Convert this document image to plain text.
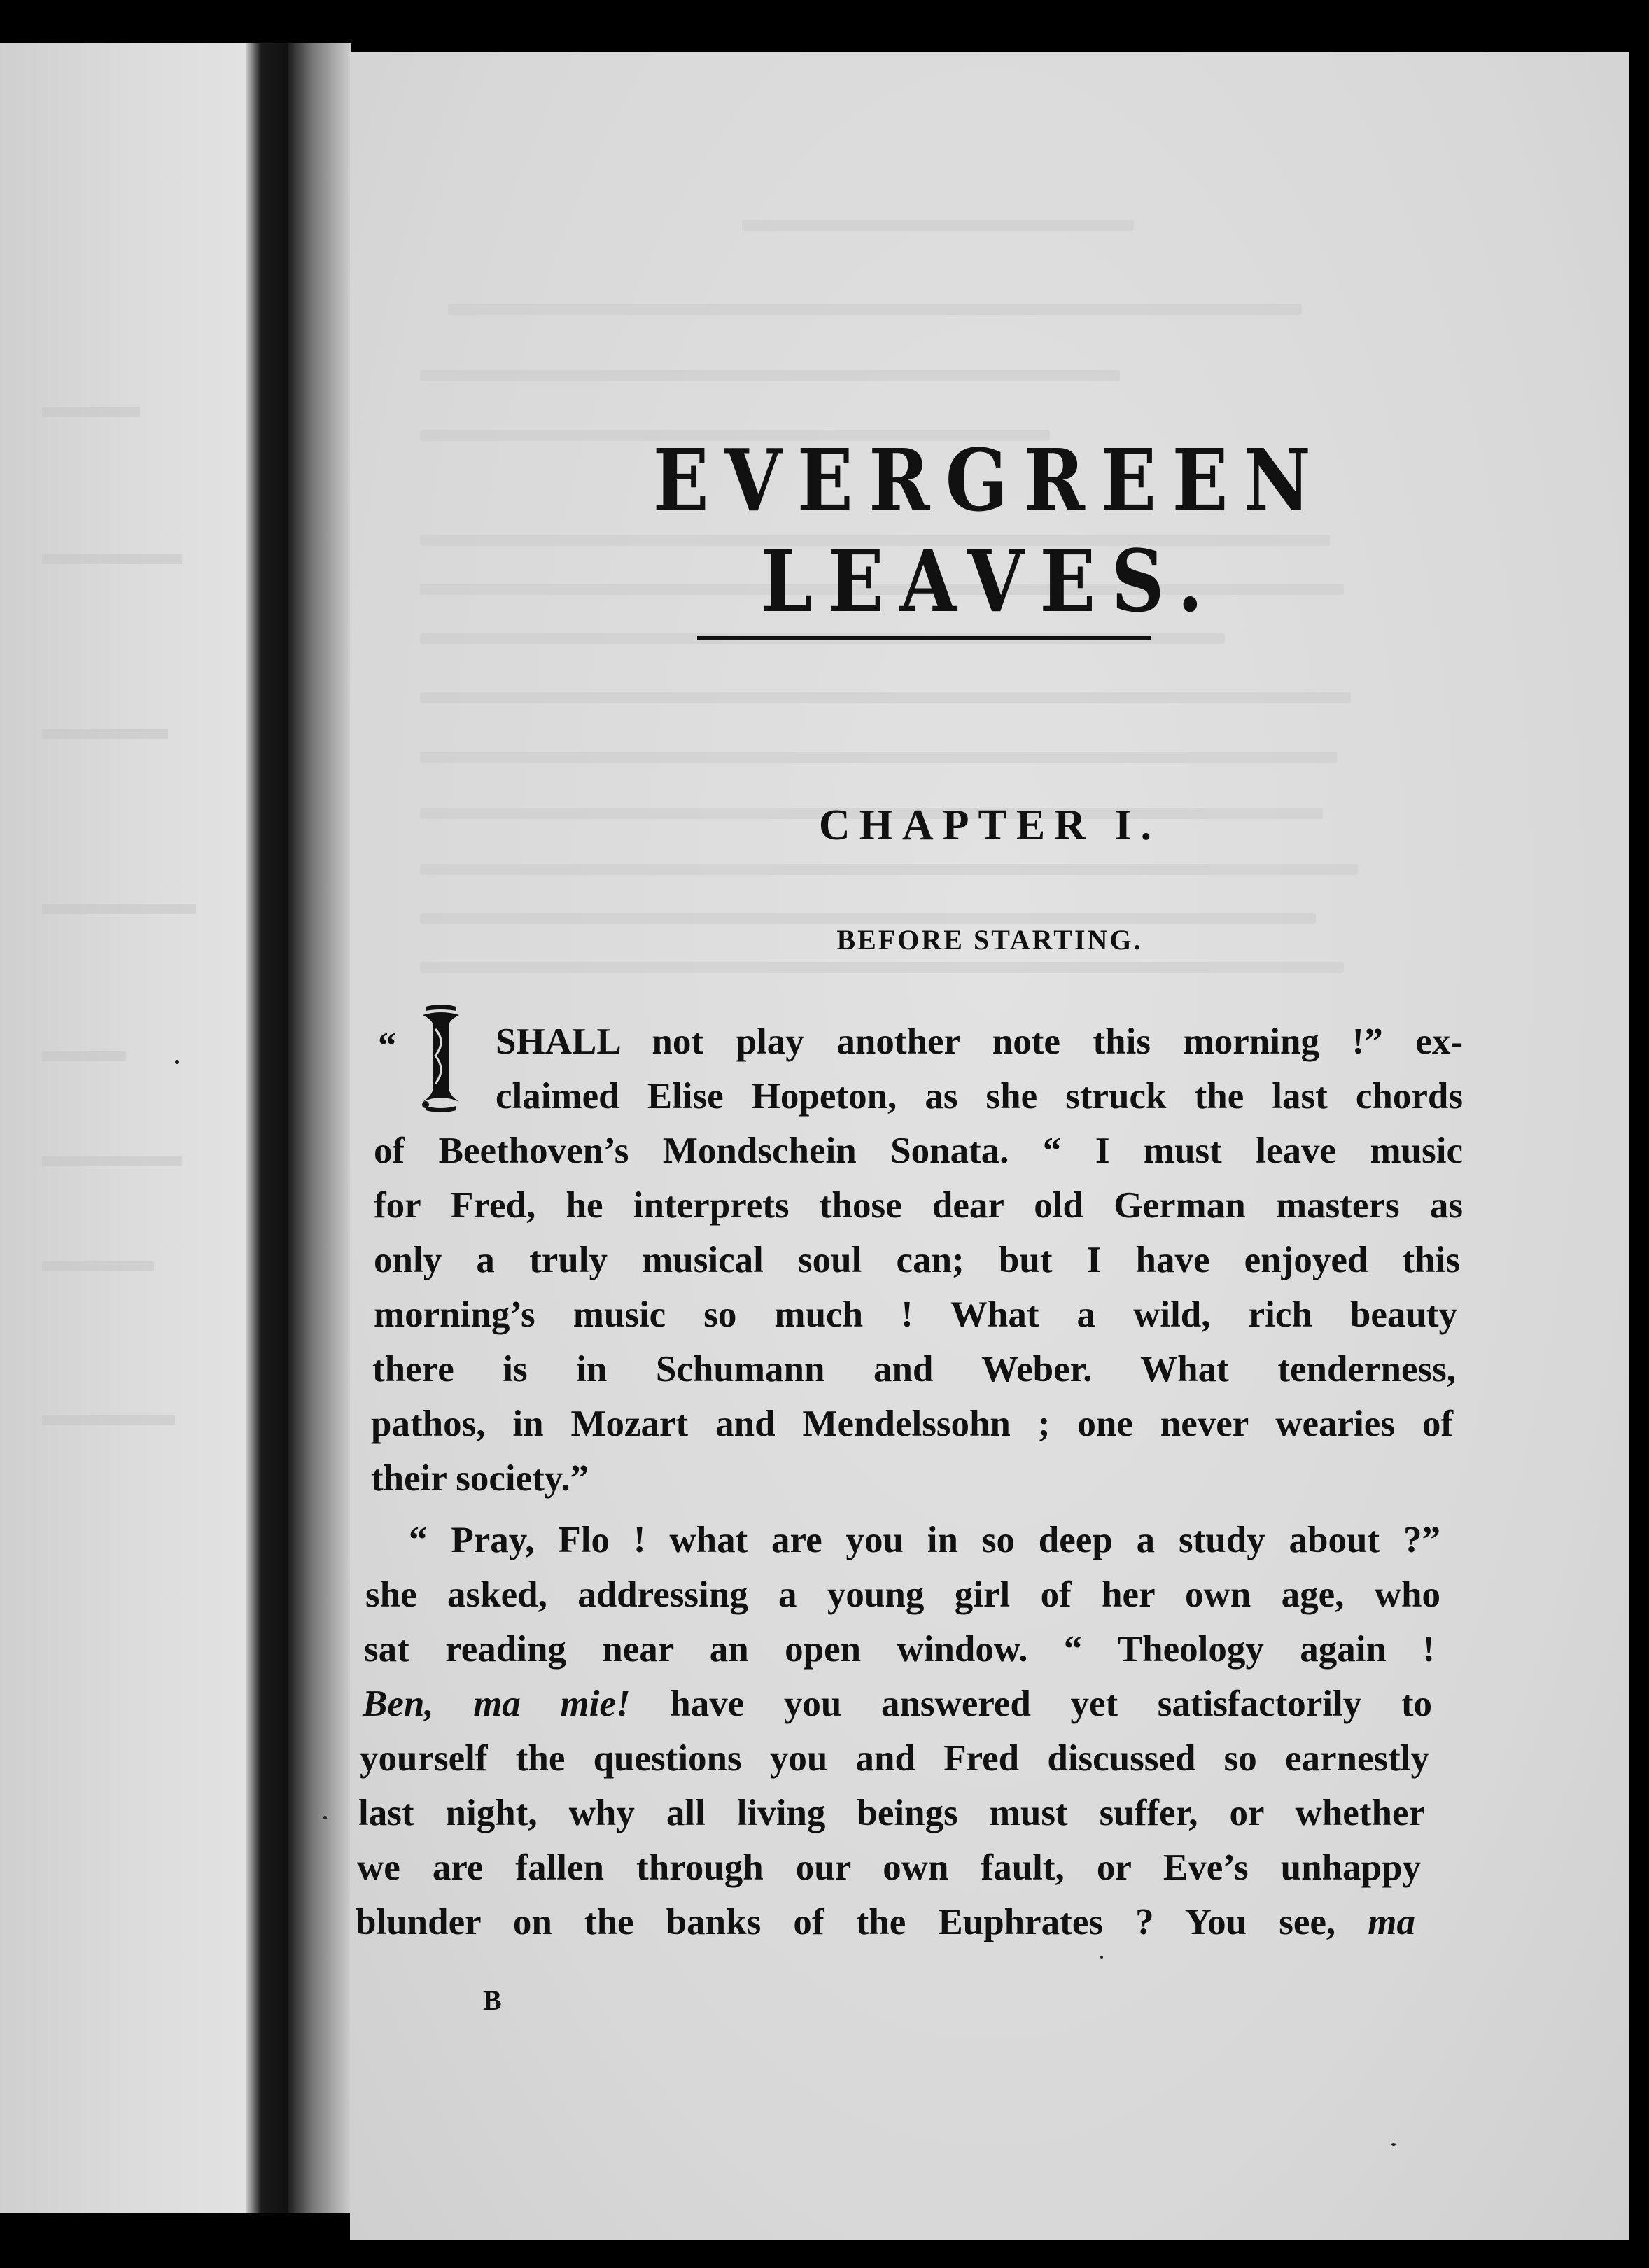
EVERGREEN LEAVES.
CHAPTER I.
BEFORE STARTING.
“	SHALL not play another note this morning !” ex-

claimed Elise Hopeton, as she struck the last chords

of Beethoven’s Mondschein Sonata. “ I must leave music

for Fred, he interprets those dear old German masters as

only a truly musical soul can; but I have enjoyed this

morning’s music so much ! What a wild, rich beauty

there is in Schumann and Weber. What tenderness,

pathos, in Mozart and Mendelssohn ; one never wearies of

their society.”

“ Pray, Flo ! what are you in so deep a study about ?”

she asked, addressing a young girl of her own age, who

sat reading near an open window. “ Theology again !

Ben, ma mie! have you answered yet satisfactorily to

yourself the questions you and Fred discussed so earnestly

last night, why all living beings must suffer, or whether

we are fallen through our own fault, or Eve’s unhappy

blunder on the banks of the Euphrates ? You see, ma

B
